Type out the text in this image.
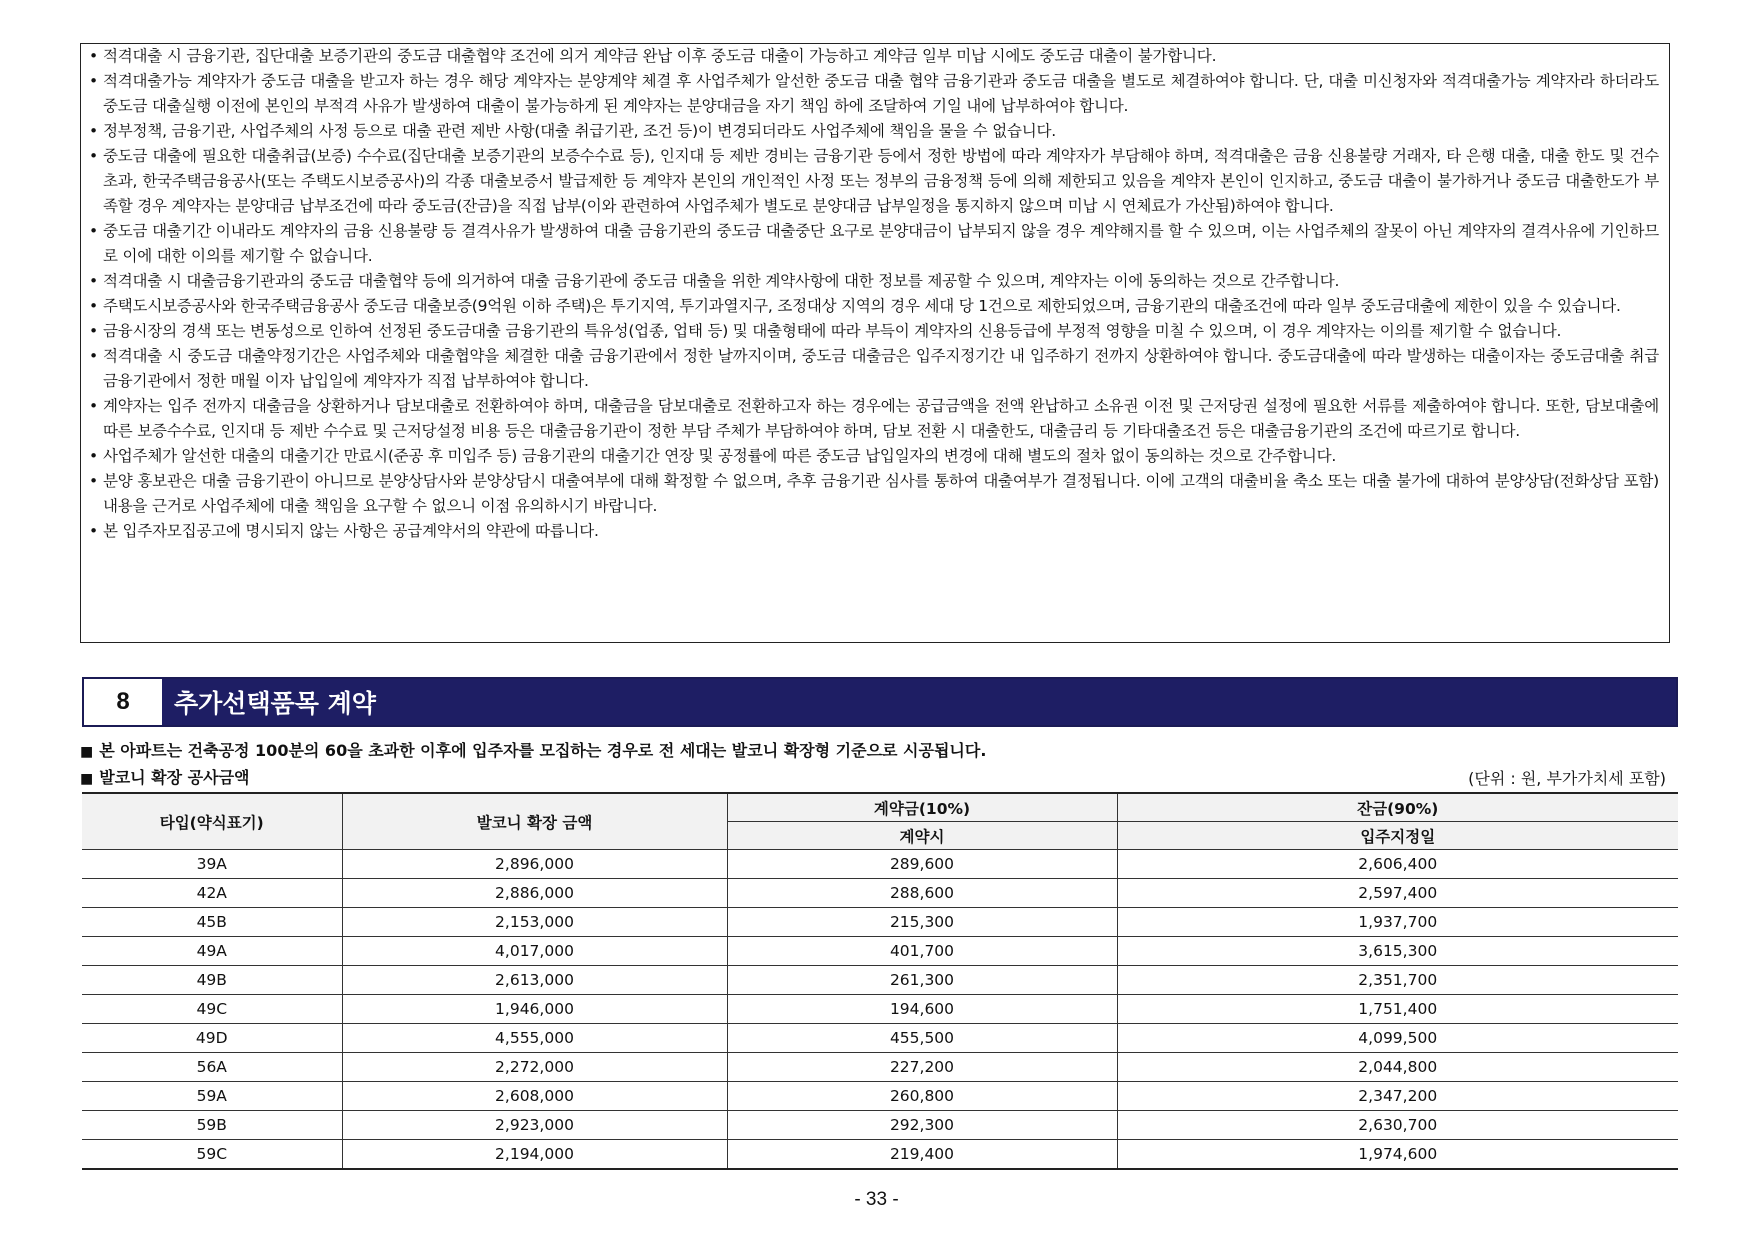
• 적격대출 시 금융기관, 집단대출 보증기관의 중도금 대출협약 조건에 의거 계약금 완납 이후 중도금 대출이 가능하고 계약금 일부 미납 시에도 중도금 대출이 불가합니다.
• 적격대출가능 계약자가 중도금 대출을 받고자 하는 경우 해당 계약자는 분양계약 체결 후 사업주체가 알선한 중도금 대출 협약 금융기관과 중도금 대출을 별도로 체결하여야 합니다. 단, 대출 미신청자와 적격대출가능 계약자라 하더라도 중도금 대출실행 이전에 본인의 부적격 사유가 발생하여 대출이 불가능하게 된 계약자는 분양대금을 자기 책임 하에 조달하여 기일 내에 납부하여야 합니다.
• 정부정책, 금융기관, 사업주체의 사정 등으로 대출 관련 제반 사항(대출 취급기관, 조건 등)이 변경되더라도 사업주체에 책임을 물을 수 없습니다.
• 중도금 대출에 필요한 대출취급(보증) 수수료(집단대출 보증기관의 보증수수료 등), 인지대 등 제반 경비는 금융기관 등에서 정한 방법에 따라 계약자가 부담해야 하며, 적격대출은 금융 신용불량 거래자, 타 은행 대출, 대출 한도 및 건수초과, 한국주택금융공사(또는 주택도시보증공사)의 각종 대출보증서 발급제한 등 계약자 본인의 개인적인 사정 또는 정부의 금융정책 등에 의해 제한되고 있음을 계약자 본인이 인지하고, 중도금 대출이 불가하거나 중도금 대출한도가 부족할 경우 계약자는 분양대금 납부조건에 따라 중도금(잔금)을 직접 납부(이와 관련하여 사업주체가 별도로 분양대금 납부일정을 통지하지 않으며 미납 시 연체료가 가산됨)하여야 합니다.
• 중도금 대출기간 이내라도 계약자의 금융 신용불량 등 결격사유가 발생하여 대출 금융기관의 중도금 대출중단 요구로 분양대금이 납부되지 않을 경우 계약해지를 할 수 있으며, 이는 사업주체의 잘못이 아닌 계약자의 결격사유에 기인하므로 이에 대한 이의를 제기할 수 없습니다.
• 적격대출 시 대출금융기관과의 중도금 대출협약 등에 의거하여 대출 금융기관에 중도금 대출을 위한 계약사항에 대한 정보를 제공할 수 있으며, 계약자는 이에 동의하는 것으로 간주합니다.
• 주택도시보증공사와 한국주택금융공사 중도금 대출보증(9억원 이하 주택)은 투기지역, 투기과열지구, 조정대상 지역의 경우 세대 당 1건으로 제한되었으며, 금융기관의 대출조건에 따라 일부 중도금대출에 제한이 있을 수 있습니다.
• 금융시장의 경색 또는 변동성으로 인하여 선정된 중도금대출 금융기관의 특유성(업종, 업태 등) 및 대출형태에 따라 부득이 계약자의 신용등급에 부정적 영향을 미칠 수 있으며, 이 경우 계약자는 이의를 제기할 수 없습니다.
• 적격대출 시 중도금 대출약정기간은 사업주체와 대출협약을 체결한 대출 금융기관에서 정한 날까지이며, 중도금 대출금은 입주지정기간 내 입주하기 전까지 상환하여야 합니다. 중도금대출에 따라 발생하는 대출이자는 중도금대출 취급 금융기관에서 정한 매월 이자 납입일에 계약자가 직접 납부하여야 합니다.
• 계약자는 입주 전까지 대출금을 상환하거나 담보대출로 전환하여야 하며, 대출금을 담보대출로 전환하고자 하는 경우에는 공급금액을 전액 완납하고 소유권 이전 및 근저당권 설정에 필요한 서류를 제출하여야 합니다. 또한, 담보대출에 따른 보증수수료, 인지대 등 제반 수수료 및 근저당설정 비용 등은 대출금융기관이 정한 부담 주체가 부담하여야 하며, 담보 전환 시 대출한도, 대출금리 등 기타대출조건 등은 대출금융기관의 조건에 따르기로 합니다.
• 사업주체가 알선한 대출의 대출기간 만료시(준공 후 미입주 등) 금융기관의 대출기간 연장 및 공정률에 따른 중도금 납입일자의 변경에 대해 별도의 절차 없이 동의하는 것으로 간주합니다.
• 분양 홍보관은 대출 금융기관이 아니므로 분양상담사와 분양상담시 대출여부에 대해 확정할 수 없으며, 추후 금융기관 심사를 통하여 대출여부가 결정됩니다. 이에 고객의 대출비율 축소 또는 대출 불가에 대하여 분양상담(전화상담 포함) 내용을 근거로 사업주체에 대출 책임을 요구할 수 없으니 이점 유의하시기 바랍니다.
• 본 입주자모집공고에 명시되지 않는 사항은 공급계약서의 약관에 따릅니다.
8	추가선택품목 계약
■ 본 아파트는 건축공정 100분의 60을 초과한 이후에 입주자를 모집하는 경우로 전 세대는 발코니 확장형 기준으로 시공됩니다.
■ 발코니 확장 공사금액	(단위 : 원, 부가가치세 포함)
타입(약식표기)	발코니 확장 금액	계약금(10%)	잔금(90%)
		계약시	입주지정일
39A	2,896,000	289,600	2,606,400
42A	2,886,000	288,600	2,597,400
45B	2,153,000	215,300	1,937,700
49A	4,017,000	401,700	3,615,300
49B	2,613,000	261,300	2,351,700
49C	1,946,000	194,600	1,751,400
49D	4,555,000	455,500	4,099,500
56A	2,272,000	227,200	2,044,800
59A	2,608,000	260,800	2,347,200
59B	2,923,000	292,300	2,630,700
59C	2,194,000	219,400	1,974,600
- 33 -
